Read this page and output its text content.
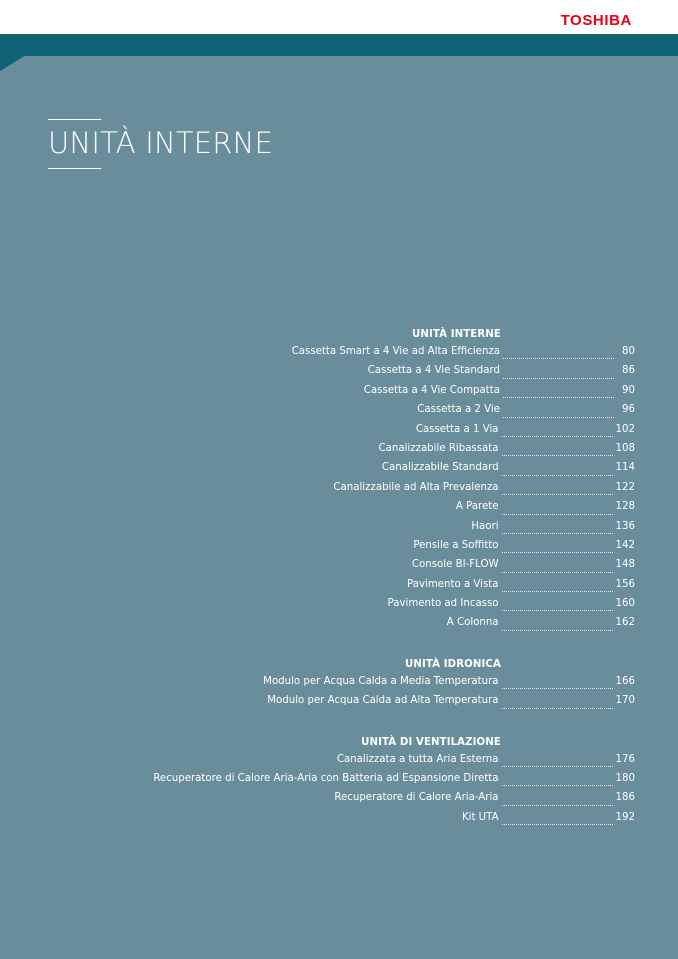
TOSHIBA
UNITÀ INTERNE
UNITÀ INTERNE
Cassetta Smart a 4 Vie ad Alta Efficienza	80
Cassetta a 4 Vie Standard	86
Cassetta a 4 Vie Compatta	90
Cassetta a 2 Vie	96
Cassetta a 1 Via	102
Canalizzabile Ribassata	108
Canalizzabile Standard	114
Canalizzabile ad Alta Prevalenza	122
A Parete	128
Haori	136
Pensile a Soffitto	142
Console BI-FLOW	148
Pavimento a Vista	156
Pavimento ad Incasso	160
A Colonna	162
UNITÀ IDRONICA
Modulo per Acqua Calda a Media Temperatura	166
Modulo per Acqua Calda ad Alta Temperatura	170
UNITÀ DI VENTILAZIONE
Canalizzata a tutta Aria Esterna	176
Recuperatore di Calore Aria-Aria con Batteria ad Espansione Diretta	180
Recuperatore di Calore Aria-Aria	186
Kit UTA	192
